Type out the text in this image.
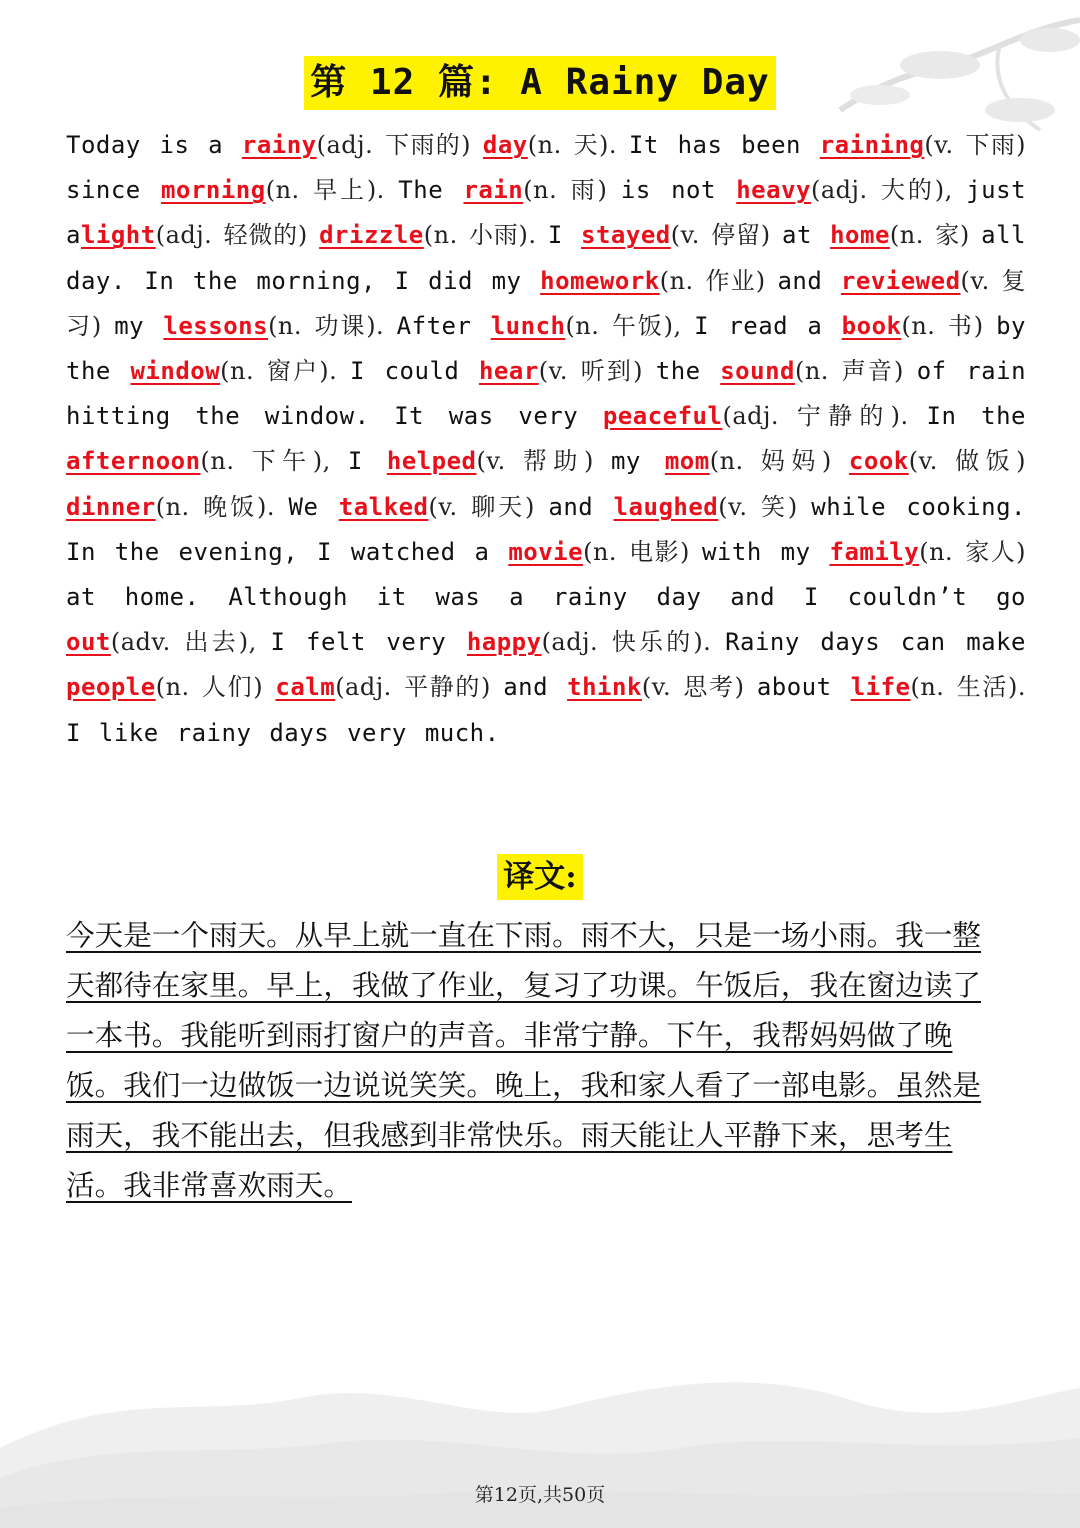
第 12 篇: A Rainy Day
Today is a rainy(adj. 下雨的) day(n. 天). It has been raining(v. 下雨) since morning(n. 早上). The rain(n. 雨) is not heavy(adj. 大的), just alight(adj. 轻微的) drizzle(n. 小雨). I stayed(v. 停留) at home(n. 家) all day. In the morning, I did my homework(n. 作业) and reviewed(v. 复习) my lessons(n. 功课). After lunch(n. 午饭), I read a book(n. 书) by the window(n. 窗户). I could hear(v. 听到) the sound(n. 声音) of rain hitting the window. It was very peaceful(adj. 宁静的). In the afternoon(n. 下午), I helped(v. 帮助) my mom(n. 妈妈) cook(v. 做饭) dinner(n. 晚饭). We talked(v. 聊天) and laughed(v. 笑) while cooking. In the evening, I watched a movie(n. 电影) with my family(n. 家人) at home. Although it was a rainy day and I couldn’t go out(adv. 出去), I felt very happy(adj. 快乐的). Rainy days can make people(n. 人们) calm(adj. 平静的) and think(v. 思考) about life(n. 生活). I like rainy days very much.
译文:
今天是一个雨天。从早上就一直在下雨。雨不大，只是一场小雨。我一整天都待在家里。早上，我做了作业，复习了功课。午饭后，我在窗边读了一本书。我能听到雨打窗户的声音。非常宁静。下午，我帮妈妈做了晚饭。我们一边做饭一边说说笑笑。晚上，我和家人看了一部电影。虽然是雨天，我不能出去，但我感到非常快乐。雨天能让人平静下来，思考生活。我非常喜欢雨天。
第12页,共50页
